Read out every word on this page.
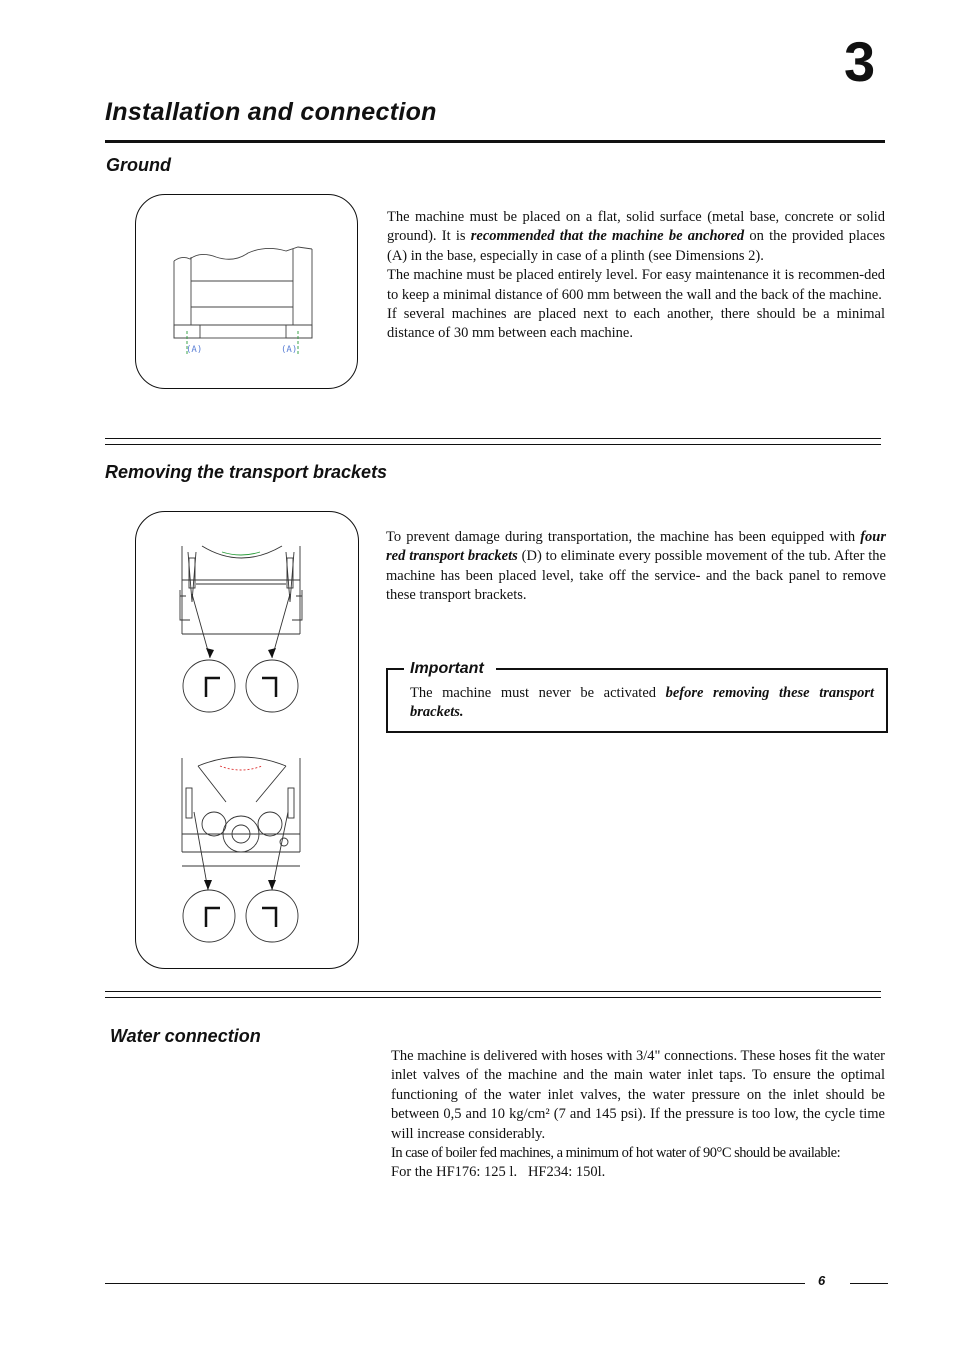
3
Installation and connection
Ground
(A)	(A)

The machine must be placed on a flat, solid surface (metal base, concrete or solid ground). It is recommended that the machine be anchored on the provided places (A) in the base, especially in case of a plinth (see Dimensions 2).

The machine must be placed entirely level. For easy maintenance it is recommen-ded to keep a minimal distance of 600 mm between the wall and the back of the machine.

If several machines are placed next to each another, there should be a minimal distance of 30 mm between each machine.

Removing the transport brackets

To prevent damage during transportation, the machine has been equipped with four red transport brackets (D) to eliminate every possible movement of the tub. After the machine has been placed level, take off the service- and the back panel to remove these transport brackets.

Important
The machine must never be activated before removing these transport brackets.
Water connection

The machine is delivered with hoses with 3/4" connections. These hoses fit the water inlet valves of the machine and the main water inlet taps. To ensure the optimal functioning of the water inlet valves, the water pressure on the inlet should be between 0,5 and 10 kg/cm² (7 and 145 psi). If the pressure is too low, the cycle time will increase considerably.

In case of boiler fed machines, a minimum of hot water of 90°C should be available:

For the HF176: 125 l.   HF234: 150l.

6
